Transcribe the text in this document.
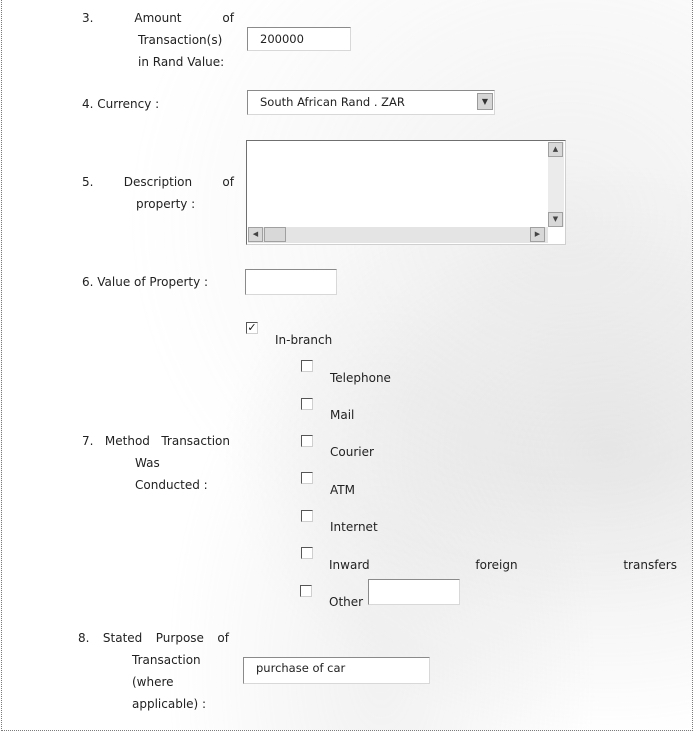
3.	Amount	of
Transaction(s)
in Rand Value:
200000
4. Currency :	South African Rand . ZAR	▼
5.	Description	of
property :
▲
▼
◀	▶
6. Value of Property :
7. Method Transaction
Was
Conducted :
✓
In-branch
Telephone
Mail
Courier
ATM
Internet
Inward	foreign	transfers
Other
8. Stated Purpose of
Transaction
(where
applicable) :
purchase of car
